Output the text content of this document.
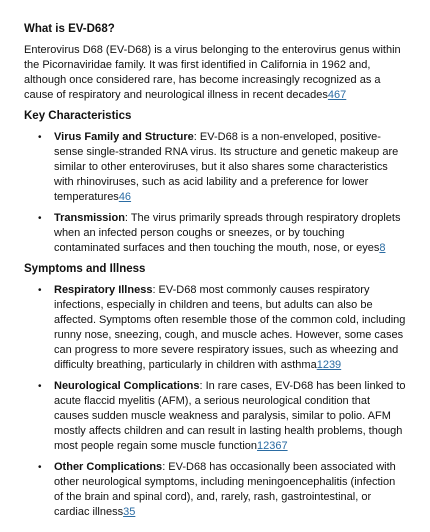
What is EV-D68?

Enterovirus D68 (EV-D68) is a virus belonging to the enterovirus genus within the Picornaviridae family. It was first identified in California in 1962 and, although once considered rare, has become increasingly recognized as a cause of respiratory and neurological illness in recent decades467

Key Characteristics
• Virus Family and Structure: EV-D68 is a non-enveloped, positive-sense single-stranded RNA virus. Its structure and genetic makeup are similar to other enteroviruses, but it also shares some characteristics with rhinoviruses, such as acid lability and a preference for lower temperatures46
• Transmission: The virus primarily spreads through respiratory droplets when an infected person coughs or sneezes, or by touching contaminated surfaces and then touching the mouth, nose, or eyes8
Symptoms and Illness
• Respiratory Illness: EV-D68 most commonly causes respiratory infections, especially in children and teens, but adults can also be affected. Symptoms often resemble those of the common cold, including runny nose, sneezing, cough, and muscle aches. However, some cases can progress to more severe respiratory issues, such as wheezing and difficulty breathing, particularly in children with asthma1239
• Neurological Complications: In rare cases, EV-D68 has been linked to acute flaccid myelitis (AFM), a serious neurological condition that causes sudden muscle weakness and paralysis, similar to polio. AFM mostly affects children and can result in lasting health problems, though most people regain some muscle function12367
• Other Complications: EV-D68 has occasionally been associated with other neurological symptoms, including meningoencephalitis (infection of the brain and spinal cord), and, rarely, rash, gastrointestinal, or cardiac illness35
